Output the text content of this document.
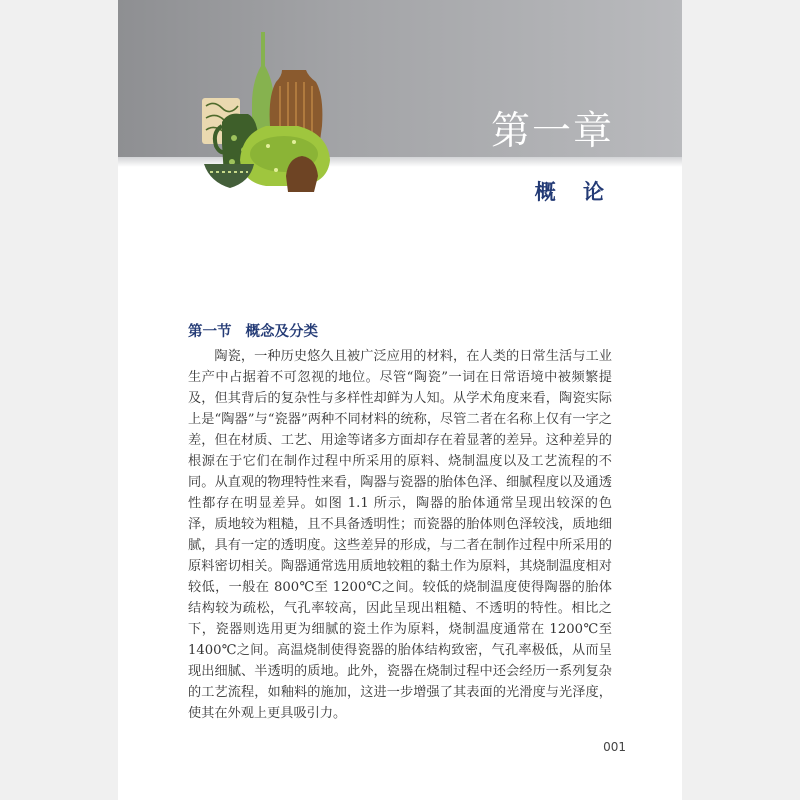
第一章
概 论
第一节 概念及分类

陶瓷，一种历史悠久且被广泛应用的材料，在人类的日常生活与工业生产中占据着不可忽视的地位。尽管“陶瓷”一词在日常语境中被频繁提及，但其背后的复杂性与多样性却鲜为人知。从学术角度来看，陶瓷实际上是“陶器”与“瓷器”两种不同材料的统称，尽管二者在名称上仅有一字之差，但在材质、工艺、用途等诸多方面却存在着显著的差异。这种差异的根源在于它们在制作过程中所采用的原料、烧制温度以及工艺流程的不同。从直观的物理特性来看，陶器与瓷器的胎体色泽、细腻程度以及通透性都存在明显差异。如图 1.1 所示，陶器的胎体通常呈现出较深的色泽，质地较为粗糙，且不具备透明性；而瓷器的胎体则色泽较浅，质地细腻，具有一定的透明度。这些差异的形成，与二者在制作过程中所采用的原料密切相关。陶器通常选用质地较粗的黏土作为原料，其烧制温度相对较低，一般在 800℃至 1200℃之间。较低的烧制温度使得陶器的胎体结构较为疏松，气孔率较高，因此呈现出粗糙、不透明的特性。相比之下，瓷器则选用更为细腻的瓷土作为原料，烧制温度通常在 1200℃至 1400℃之间。高温烧制使得瓷器的胎体结构致密，气孔率极低，从而呈现出细腻、半透明的质地。此外，瓷器在烧制过程中还会经历一系列复杂的工艺流程，如釉料的施加，这进一步增强了其表面的光滑度与光泽度，使其在外观上更具吸引力。

001
